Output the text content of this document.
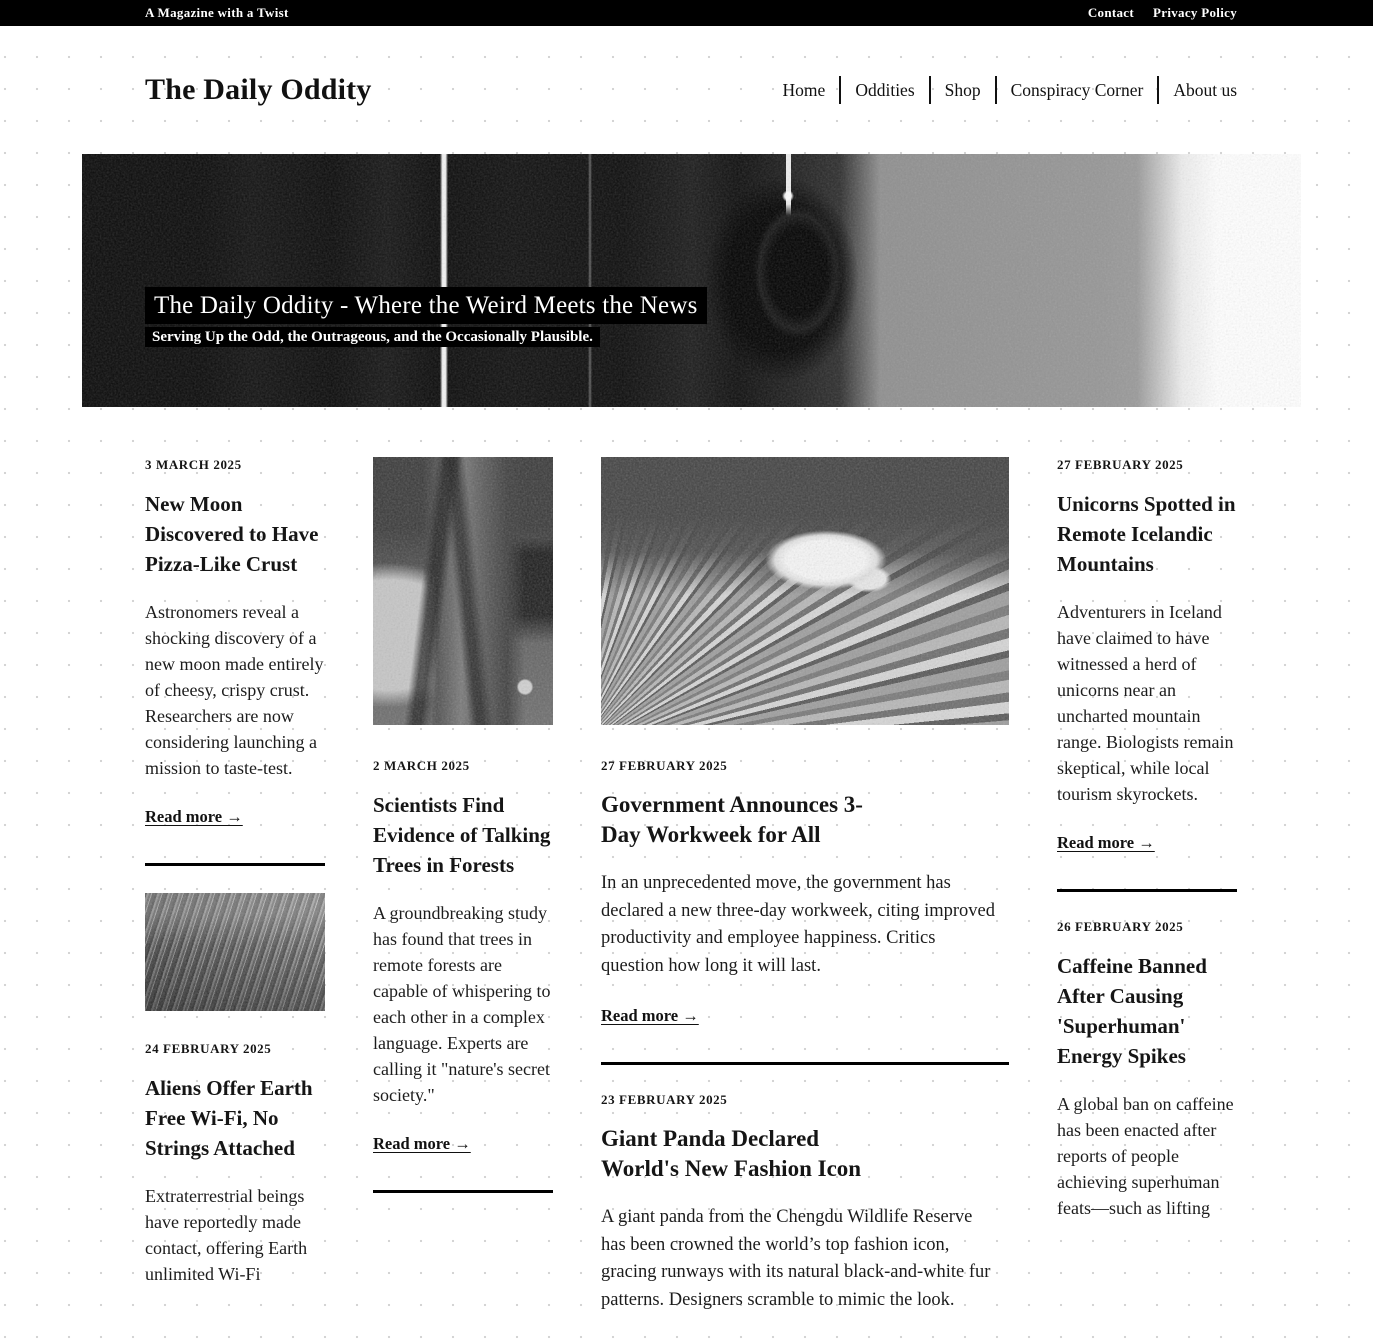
A Magazine with a Twist	Contact Privacy Policy
The Daily Oddity	Home	Oddities	Shop	Conspiracy Corner	About us
The Daily Oddity - Where the Weird Meets the News

Serving Up the Odd, the Outrageous, and the Occasionally Plausible.

3 MARCH 2025
New Moon Discovered to Have Pizza-Like Crust

Astronomers reveal a shocking discovery of a new moon made entirely of cheesy, crispy crust. Researchers are now considering launching a mission to taste-test.

Read more →
24 FEBRUARY 2025
Aliens Offer Earth Free Wi-Fi, No Strings Attached

Extraterrestrial beings have reportedly made contact, offering Earth unlimited Wi-Fi

2 MARCH 2025
Scientists Find Evidence of Talking Trees in Forests

A groundbreaking study has found that trees in remote forests are capable of whispering to each other in a complex language. Experts are calling it "nature's secret society."

Read more →
27 FEBRUARY 2025
Government Announces 3-Day Workweek for All

In an unprecedented move, the government has declared a new three-day workweek, citing improved productivity and employee happiness. Critics question how long it will last.

Read more →
23 FEBRUARY 2025
Giant Panda Declared World's New Fashion Icon

A giant panda from the Chengdu Wildlife Reserve has been crowned the world’s top fashion icon, gracing runways with its natural black-and-white fur patterns. Designers scramble to mimic the look.

27 FEBRUARY 2025
Unicorns Spotted in Remote Icelandic Mountains

Adventurers in Iceland have claimed to have witnessed a herd of unicorns near an uncharted mountain range. Biologists remain skeptical, while local tourism skyrockets.

Read more →
26 FEBRUARY 2025
Caffeine Banned After Causing 'Superhuman' Energy Spikes

A global ban on caffeine has been enacted after reports of people achieving superhuman feats—such as lifting
